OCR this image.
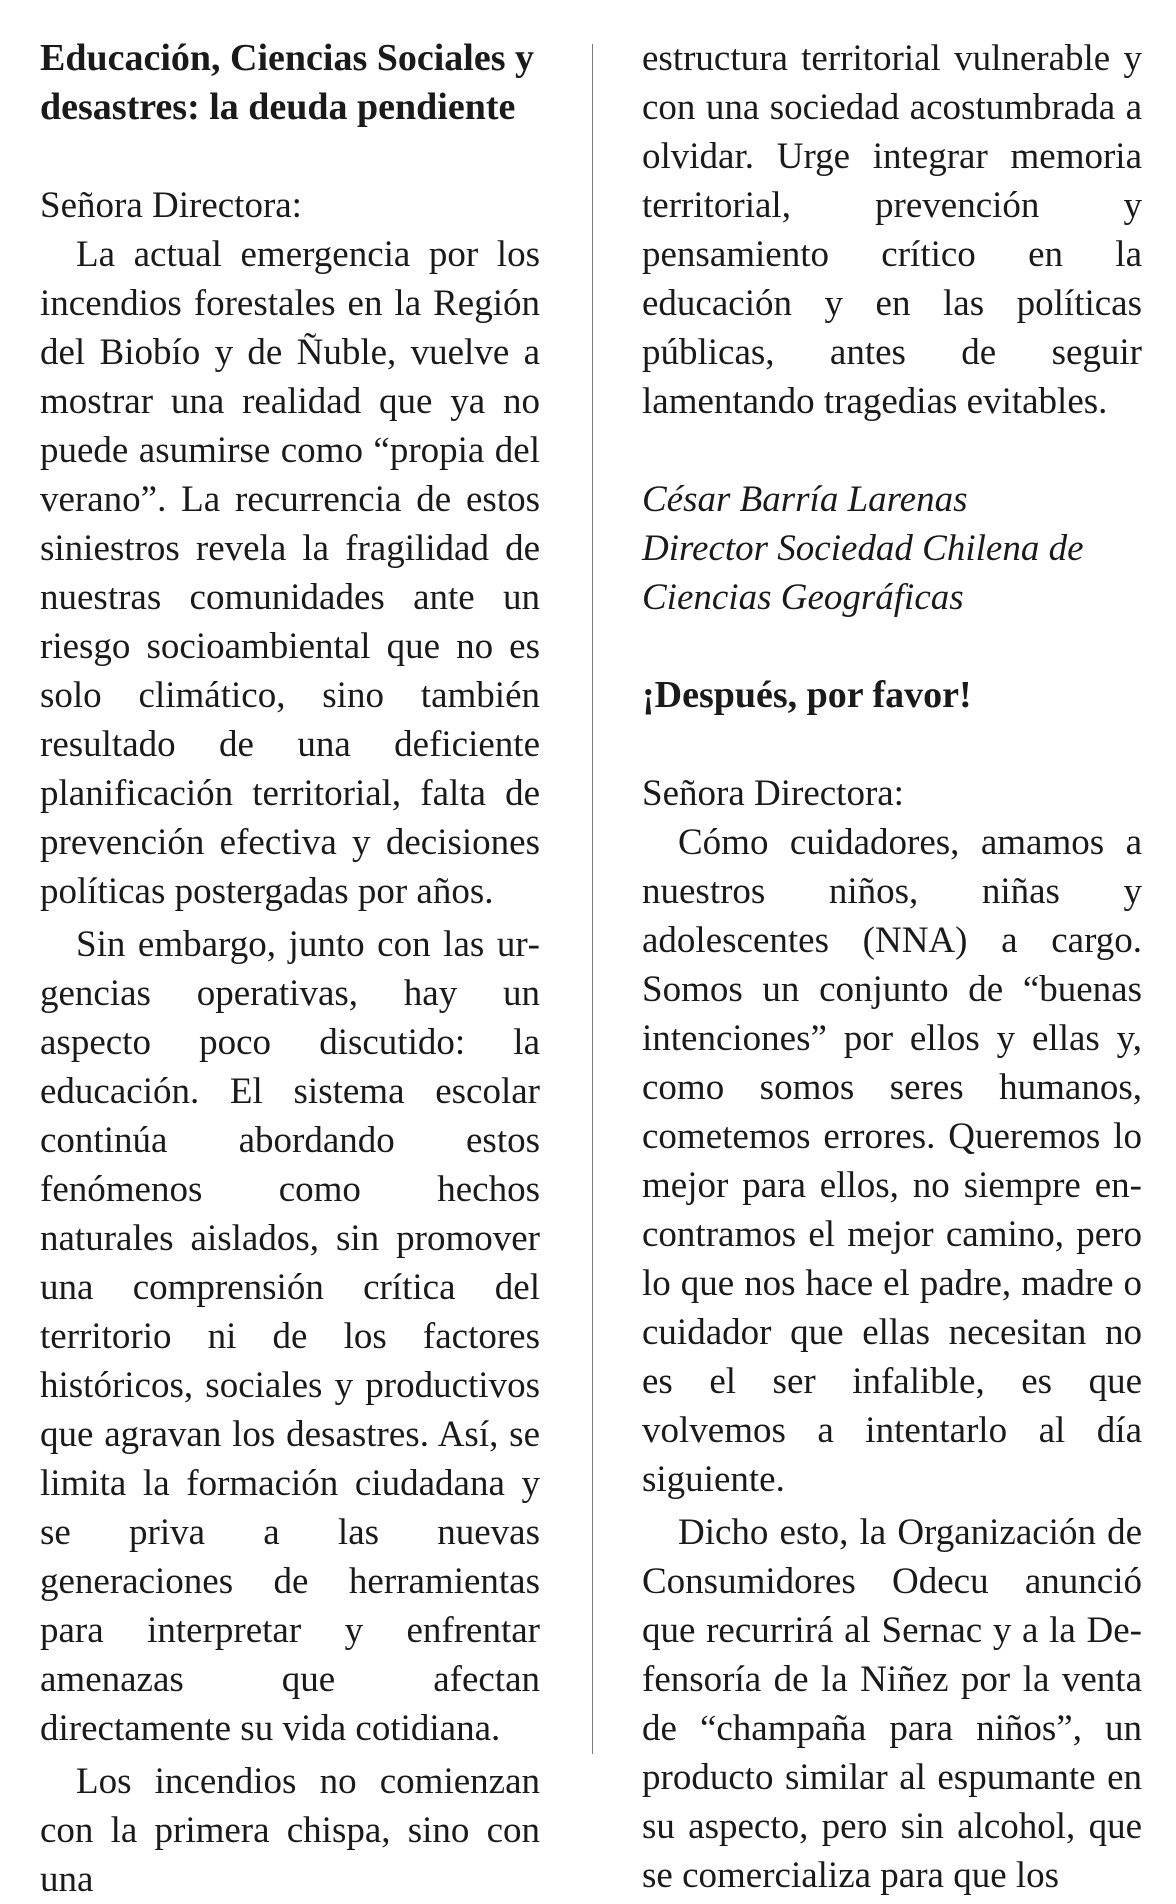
Educación, Ciencias Sociales y desastres: la deuda pendiente

Señora Directora:

La actual emergencia por los incendios forestales en la Región del Biobío y de Ñuble, vuelve a mostrar una realidad que ya no puede asumirse como “propia del verano”. La recurrencia de estos siniestros revela la fragilidad de nuestras comunidades ante un riesgo socioambiental que no es solo climático, sino también resultado de una deficiente planificación territorial, falta de prevención efectiva y decisiones políticas postergadas por años.

Sin embargo, junto con las urgencias operativas, hay un aspecto poco discutido: la educación. El sistema escolar continúa abordando estos fenómenos como hechos naturales aislados, sin promover una comprensión crítica del territorio ni de los factores históricos, sociales y productivos que agravan los desastres. Así, se limita la formación ciudadana y se priva a las nuevas generaciones de herramientas para interpretar y enfrentar amenazas que afectan directamente su vida cotidiana.

Los incendios no comienzan con la primera chispa, sino con una

estructura territorial vulnerable y con una sociedad acostumbrada a olvidar. Urge integrar memoria territorial, prevención y pensamiento crítico en la educación y en las políticas públicas, antes de seguir lamentando tragedias evitables.

César Barría Larenas
Director Sociedad Chilena de Ciencias Geográficas
¡Después, por favor!

Señora Directora:

Cómo cuidadores, amamos a nuestros niños, niñas y adolescentes (NNA) a cargo. Somos un conjunto de “buenas intenciones” por ellos y ellas y, como somos seres humanos, cometemos errores. Queremos lo mejor para ellos, no siempre encontramos el mejor camino, pero lo que nos hace el padre, madre o cuidador que ellas necesitan no es el ser infalible, es que volvemos a intentarlo al día siguiente.

Dicho esto, la Organización de Consumidores Odecu anunció que recurrirá al Sernac y a la Defensoría de la Niñez por la venta de “champaña para niños”, un producto similar al espumante en su aspecto, pero sin alcohol, que se comercializa para que los
